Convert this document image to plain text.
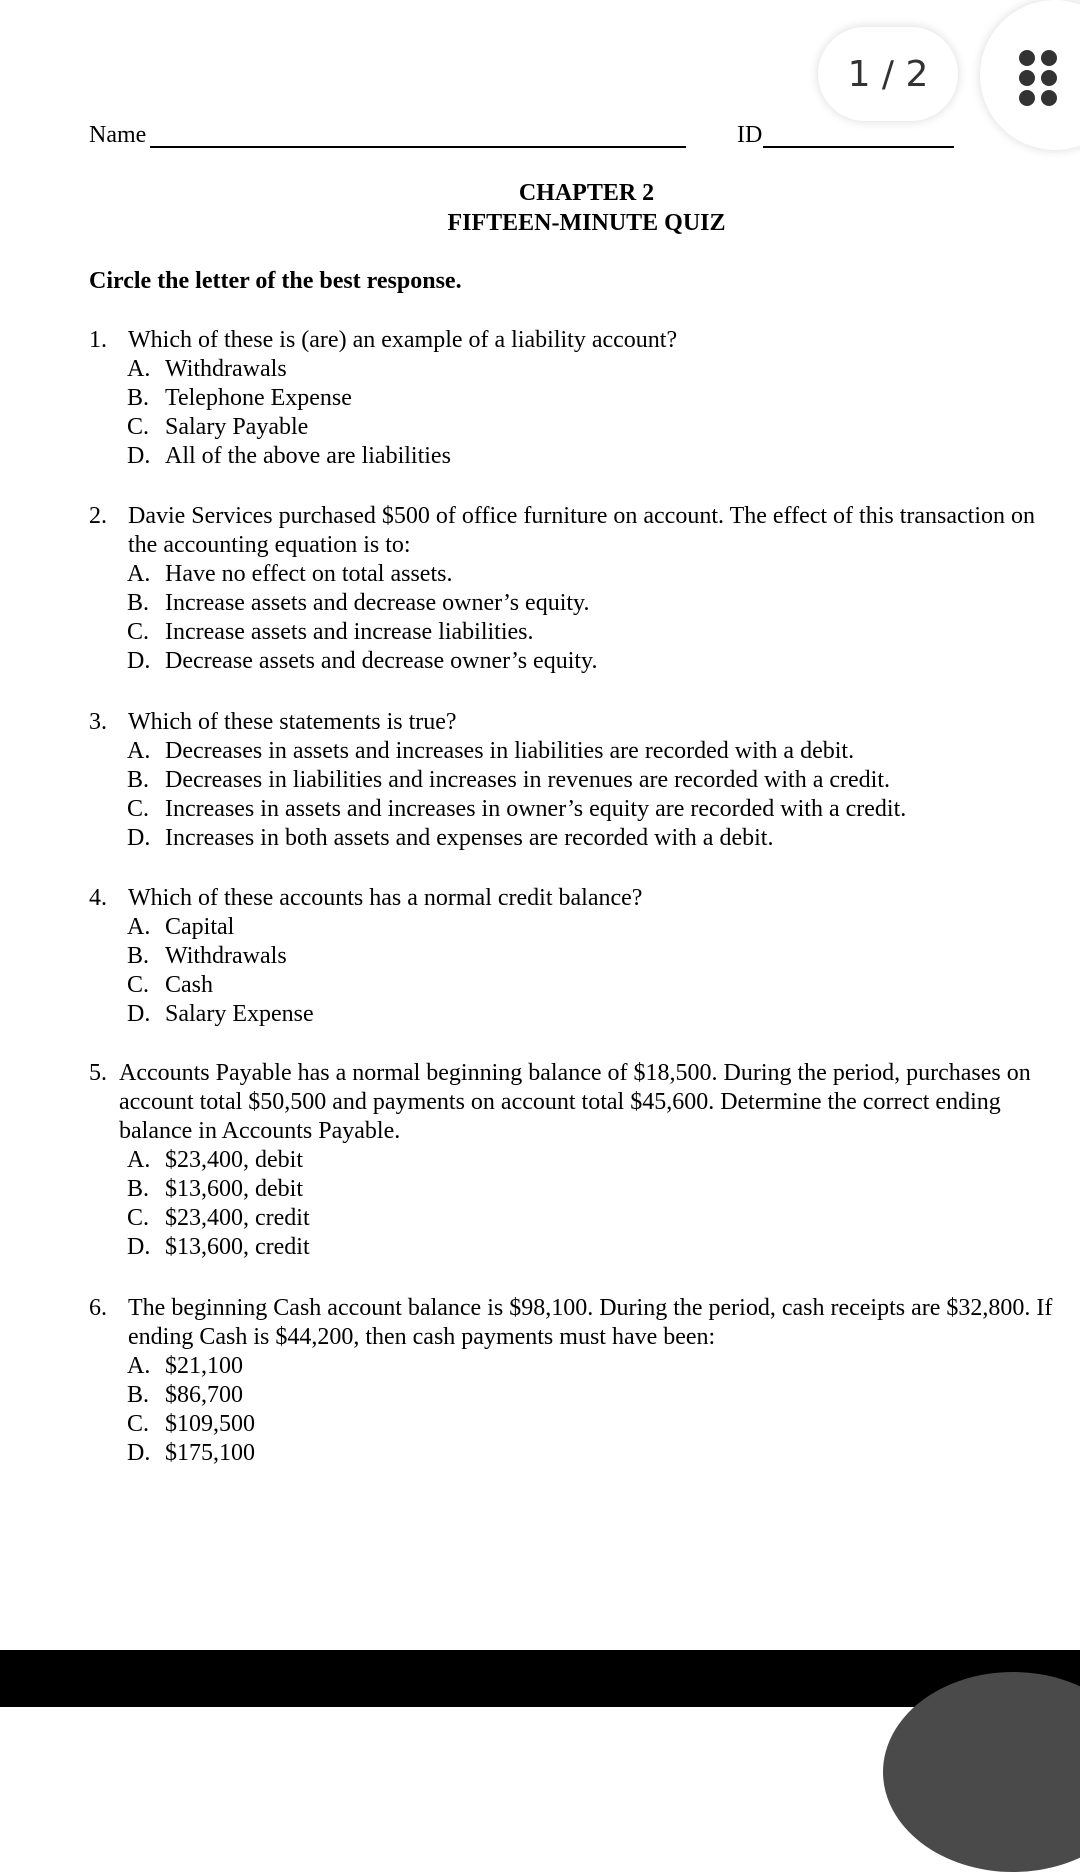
1 / 2
Name	ID
CHAPTER 2
FIFTEEN-MINUTE QUIZ
Circle the letter of the best response.
1. Which of these is (are) an example of a liability account?
A. Withdrawals
B. Telephone Expense
C. Salary Payable
D. All of the above are liabilities
2. Davie Services purchased $500 of office furniture on account. The effect of this transaction on the accounting equation is to:
A. Have no effect on total assets.
B. Increase assets and decrease owner’s equity.
C. Increase assets and increase liabilities.
D. Decrease assets and decrease owner’s equity.
3. Which of these statements is true?
A. Decreases in assets and increases in liabilities are recorded with a debit.
B. Decreases in liabilities and increases in revenues are recorded with a credit.
C. Increases in assets and increases in owner’s equity are recorded with a credit.
D. Increases in both assets and expenses are recorded with a debit.
4. Which of these accounts has a normal credit balance?
A. Capital
B. Withdrawals
C. Cash
D. Salary Expense
5. Accounts Payable has a normal beginning balance of $18,500. During the period, purchases on account total $50,500 and payments on account total $45,600. Determine the correct ending balance in Accounts Payable.
A. $23,400, debit
B. $13,600, debit
C. $23,400, credit
D. $13,600, credit
6. The beginning Cash account balance is $98,100. During the period, cash receipts are $32,800. If ending Cash is $44,200, then cash payments must have been:
A. $21,100
B. $86,700
C. $109,500
D. $175,100
